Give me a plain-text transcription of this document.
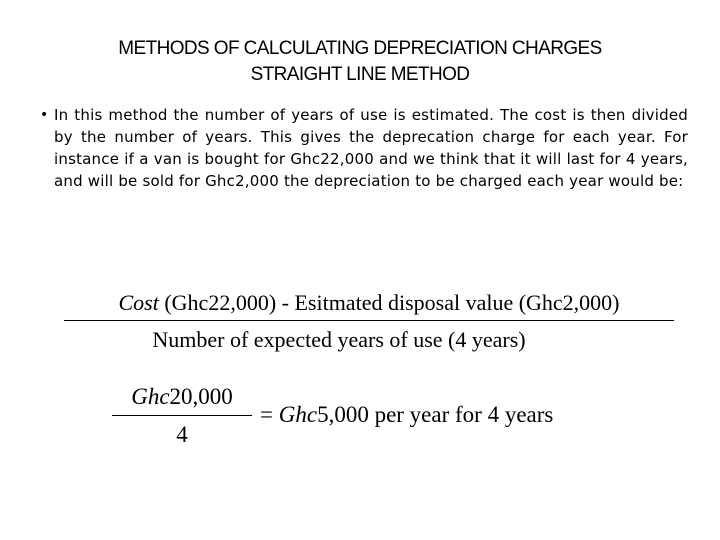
METHODS OF CALCULATING DEPRECIATION CHARGES
STRAIGHT LINE METHOD
• In this method the number of years of use is estimated. The cost is then divided by the number of years. This gives the deprecation charge for each year. For instance if a van is bought for Ghc22,000 and we think that it will last for 4 years, and will be sold for Ghc2,000 the depreciation to be charged each year would be:
Cost (Ghc22,000) - Esitmated disposal value (Ghc2,000)
Number of expected years of use (4 years)
Ghc20,000
4
= Ghc5,000 per year for 4 years
